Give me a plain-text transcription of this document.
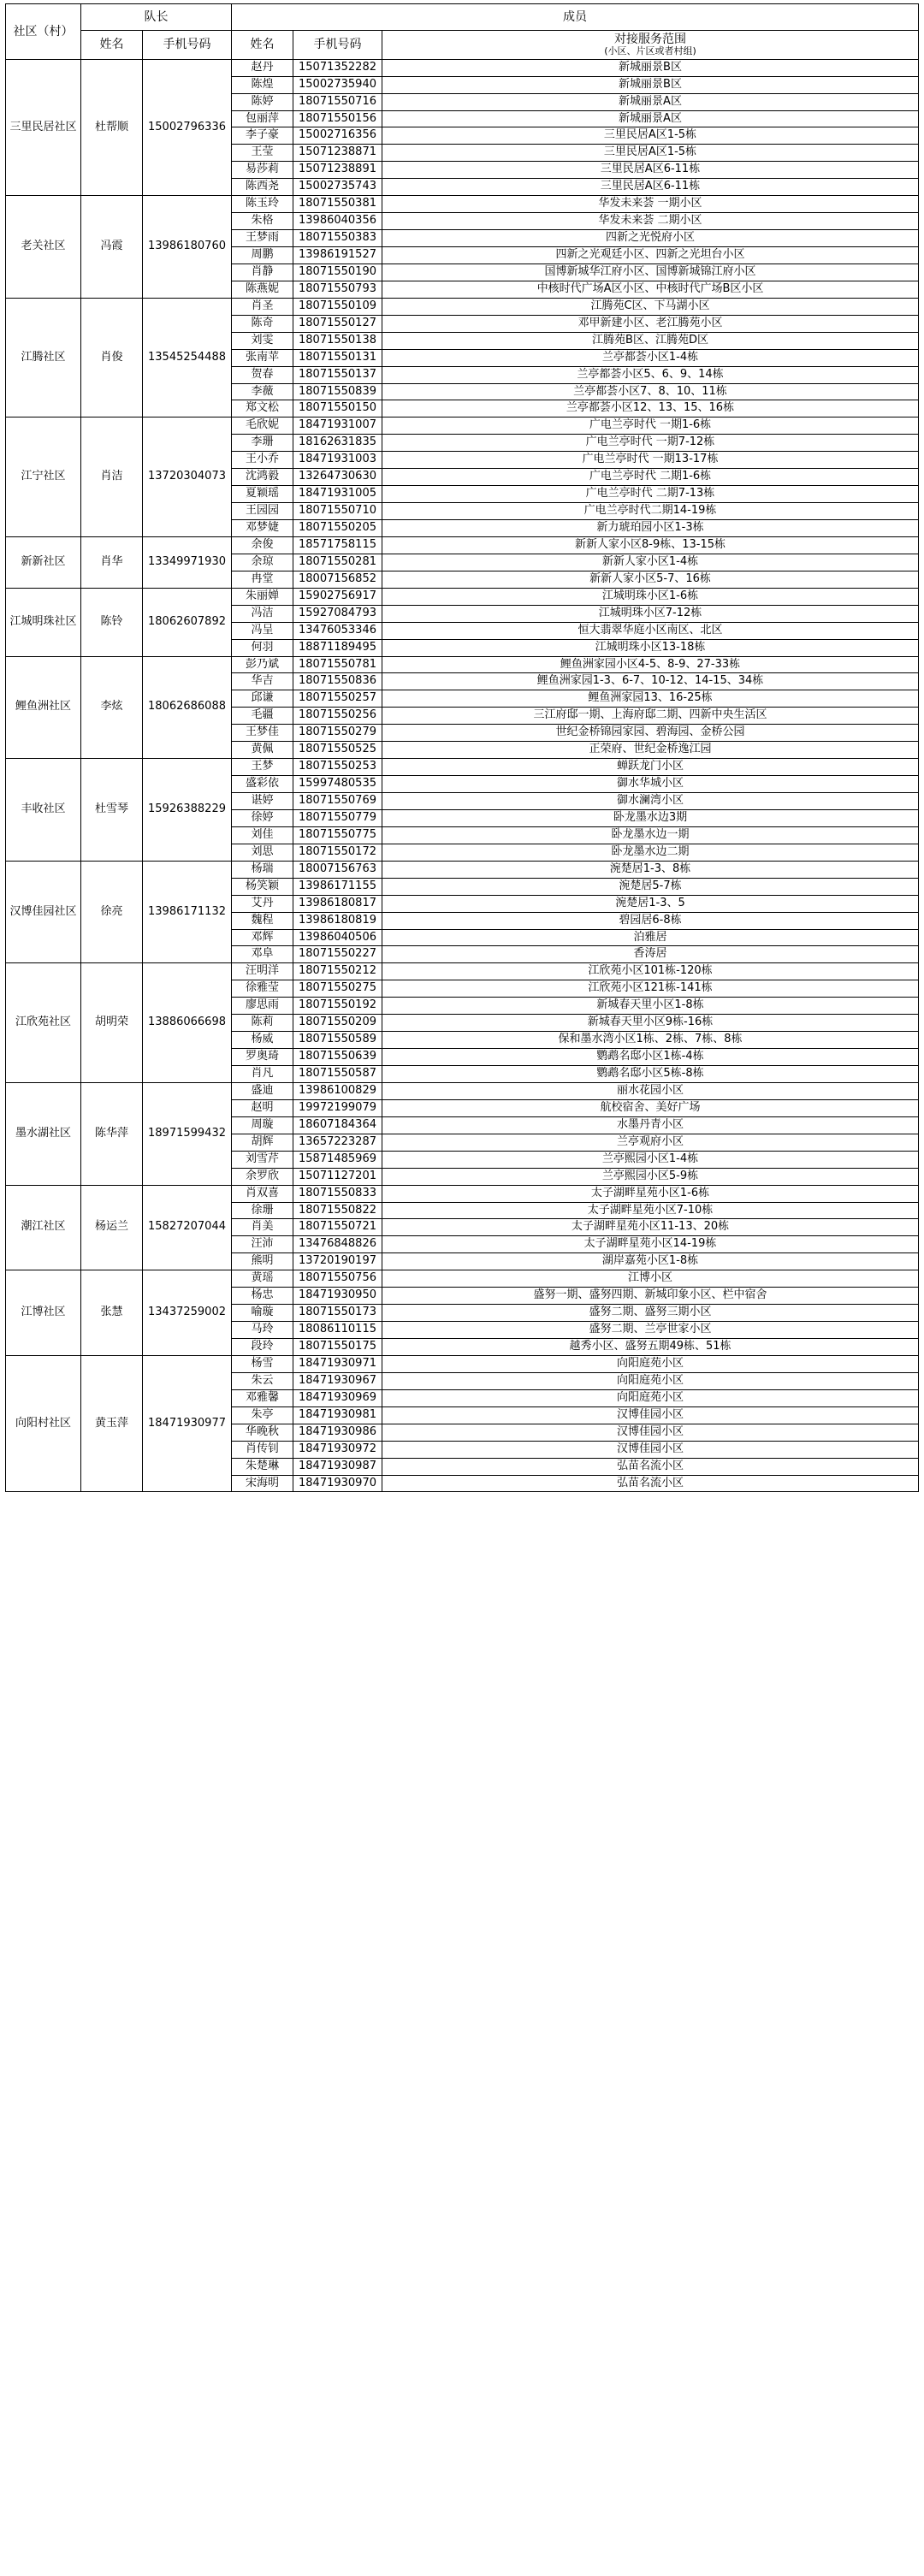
社区（村）	队长		成员		
	姓名	手机号码	姓名	手机号码	对接服务范围
(小区、片区或者村组)

三里民居社区	杜帮顺	15002796336	赵丹	15071352282	新城丽景B区
			陈煌	15002735940	新城丽景B区
			陈婷	18071550716	新城丽景A区
			包丽萍	18071550156	新城丽景A区
			李子豪	15002716356	三里民居A区1-5栋
			王莹	15071238871	三里民居A区1-5栋
			易莎莉	15071238891	三里民居A区6-11栋
			陈西尧	15002735743	三里民居A区6-11栋
老关社区	冯霞	13986180760	陈玉玲	18071550381	华发未来荟 一期小区
			朱格	13986040356	华发未来荟 二期小区
			王梦雨	18071550383	四新之光悦府小区
			周鹏	13986191527	四新之光观廷小区、四新之光坦台小区
			肖静	18071550190	国博新城华江府小区、国博新城锦江府小区
			陈燕妮	18071550793	中核时代广场A区小区、中核时代广场B区小区
江腾社区	肖俊	13545254488	肖圣	18071550109	江腾苑C区、下马湖小区
			陈奇	18071550127	邓甲新建小区、老江腾苑小区
			刘雯	18071550138	江腾苑B区、江腾苑D区
			张南苹	18071550131	兰亭都荟小区1-4栋
			贺春	18071550137	兰亭都荟小区5、6、9、14栋
			李薇	18071550839	兰亭都荟小区7、8、10、11栋
			郑文松	18071550150	兰亭都荟小区12、13、15、16栋
江宁社区	肖洁	13720304073	毛欣妮	18471931007	广电兰亭时代 一期1-6栋
			李珊	18162631835	广电兰亭时代 一期7-12栋
			王小乔	18471931003	广电兰亭时代 一期13-17栋
			沈鸿毅	13264730630	广电兰亭时代 二期1-6栋
			夏颖瑶	18471931005	广电兰亭时代 二期7-13栋
			王园园	18071550710	广电兰亭时代二期14-19栋
			邓梦婕	18071550205	新力琥珀园小区1-3栋
新新社区	肖华	13349971930	余俊	18571758115	新新人家小区8-9栋、13-15栋
			余琼	18071550281	新新人家小区1-4栋
			冉堂	18007156852	新新人家小区5-7、16栋
江城明珠社区	陈铃	18062607892	朱丽婵	15902756917	江城明珠小区1-6栋
			冯洁	15927084793	江城明珠小区7-12栋
			冯呈	13476053346	恒大翡翠华庭小区南区、北区
			何羽	18871189495	江城明珠小区13-18栋
鲤鱼洲社区	李炫	18062686088	彭乃斌	18071550781	鲤鱼洲家园小区4-5、8-9、27-33栋
			华吉	18071550836	鲤鱼洲家园1-3、6-7、10-12、14-15、34栋
			邱谦	18071550257	鲤鱼洲家园13、16-25栋
			毛疆	18071550256	三江府邸一期、上海府邸二期、四新中央生活区
			王梦佳	18071550279	世纪金桥锦园家园、碧海园、金桥公园
			黄佩	18071550525	正荣府、世纪金桥逸江园
丰收社区	杜雪琴	15926388229	王梦	18071550253	蝉跃龙门小区
			盛彩依	15997480535	御水华城小区
			谌婷	18071550769	御水澜湾小区
			徐婷	18071550779	卧龙墨水边3期
			刘佳	18071550775	卧龙墨水边一期
			刘思	18071550172	卧龙墨水边二期
汉博佳园社区	徐亮	13986171132	杨瑞	18007156763	涴楚居1-3、8栋
			杨笑颖	13986171155	涴楚居5-7栋
			艾丹	13986180817	涴楚居1-3、5
			魏程	13986180819	碧园居6-8栋
			邓辉	13986040506	泊雅居
			邓阜	18071550227	香涛居
江欣苑社区	胡明荣	13886066698	汪明洋	18071550212	江欣苑小区101栋-120栋
			徐雅莹	18071550275	江欣苑小区121栋-141栋
			廖思雨	18071550192	新城春天里小区1-8栋
			陈莉	18071550209	新城春天里小区9栋-16栋
			杨威	18071550589	保和墨水湾小区1栋、2栋、7栋、8栋
			罗奥琦	18071550639	鹦鹉名邸小区1栋-4栋
			肖凡	18071550587	鹦鹉名邸小区5栋-8栋
墨水湖社区	陈华萍	18971599432	盛迪	13986100829	丽水花园小区
			赵明	19972199079	航校宿舍、美好广场
			周璇	18607184364	水墨丹青小区
			胡辉	13657223287	兰亭观府小区
			刘雪芹	15871485969	兰亭熙园小区1-4栋
			余罗欣	15071127201	兰亭熙园小区5-9栋
潮江社区	杨运兰	15827207044	肖双喜	18071550833	太子湖畔星苑小区1-6栋
			徐珊	18071550822	太子湖畔星苑小区7-10栋
			肖美	18071550721	太子湖畔星苑小区11-13、20栋
			汪沛	13476848826	太子湖畔星苑小区14-19栋
			熊明	13720190197	湖岸嘉苑小区1-8栋
江博社区	张慧	13437259002	黄瑶	18071550756	江博小区
			杨忠	18471930950	盛努一期、盛努四期、新城印象小区、栏中宿舍
			喻璇	18071550173	盛努二期、盛努三期小区
			马玲	18086110115	盛努二期、兰亭世家小区
			段玲	18071550175	越秀小区、盛努五期49栋、51栋
向阳村社区	黄玉萍	18471930977	杨雪	18471930971	向阳庭苑小区
			朱云	18471930967	向阳庭苑小区
			邓雅馨	18471930969	向阳庭苑小区
			朱亭	18471930981	汉博佳园小区
			华晚秋	18471930986	汉博佳园小区
			肖传钊	18471930972	汉博佳园小区
			朱楚琳	18471930987	弘苗名流小区
			宋海明	18471930970	弘苗名流小区
